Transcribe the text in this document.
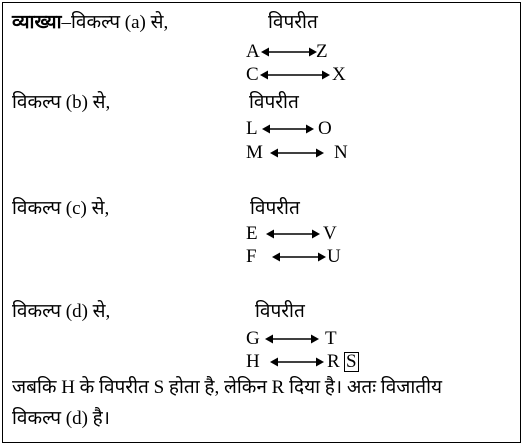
व्याख्या–विकल्प (a) से,	विपरीत
A	Z
C	X
विकल्प (b) से,	विपरीत
L	O
M	N
विकल्प (c) से,	विपरीत
E	V
F	U
विकल्प (d) से,	विपरीत
G	T
H	R S
जबकि H के विपरीत S होता है, लेकिन R दिया है। अतः विजातीय
विकल्प (d) है।
